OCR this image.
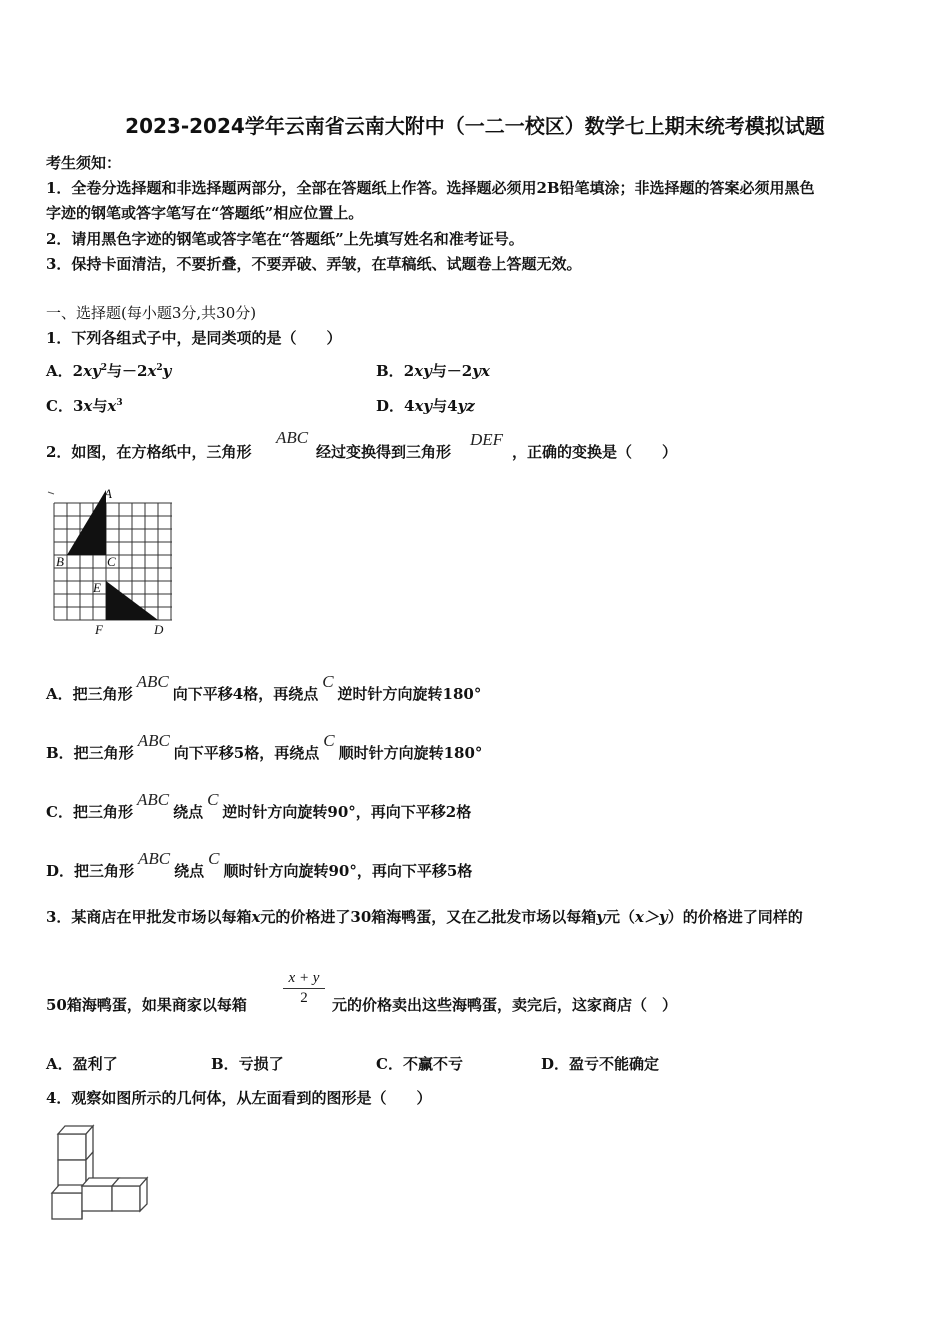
2023-2024学年云南省云南大附中（一二一校区）数学七上期末统考模拟试题
考生须知：
1．全卷分选择题和非选择题两部分，全部在答题纸上作答。选择题必须用2B铅笔填涂；非选择题的答案必须用黑色
字迹的钢笔或答字笔写在“答题纸”相应位置上。
2．请用黑色字迹的钢笔或答字笔在“答题纸”上先填写姓名和准考证号。
3．保持卡面清洁，不要折叠，不要弄破、弄皱，在草稿纸、试题卷上答题无效。
一、选择题(每小题3分,共30分)
1．下列各组式子中，是同类项的是（　　）
A．$2xy^2$与$-2x^2y$	B．2xy与－2yx
C．3x与$x^3$	D．4xy与4yz
2．如图，在方格纸中，三角形
ABC
经过变换得到三角形
DEF
，正确的变换是（　　）
A
B	C
E
F	D
A．把三角形ABC向下平移4格，再绕点C逆时针方向旋转180°
B．把三角形ABC向下平移5格，再绕点C顺时针方向旋转180°
C．把三角形ABC绕点C逆时针方向旋转90°，再向下平移2格
D．把三角形ABC绕点C顺时针方向旋转90°，再向下平移5格
3．某商店在甲批发市场以每箱x元的价格进了30箱海鸭蛋，又在乙批发市场以每箱y元（x＞y）的价格进了同样的
50箱海鸭蛋，如果商家以每箱
x + y
2	元的价格卖出这些海鸭蛋，卖完后，这家商店（　）
A．盈利了	B．亏损了	C．不赢不亏	D．盈亏不能确定
4．观察如图所示的几何体，从左面看到的图形是（　　）
